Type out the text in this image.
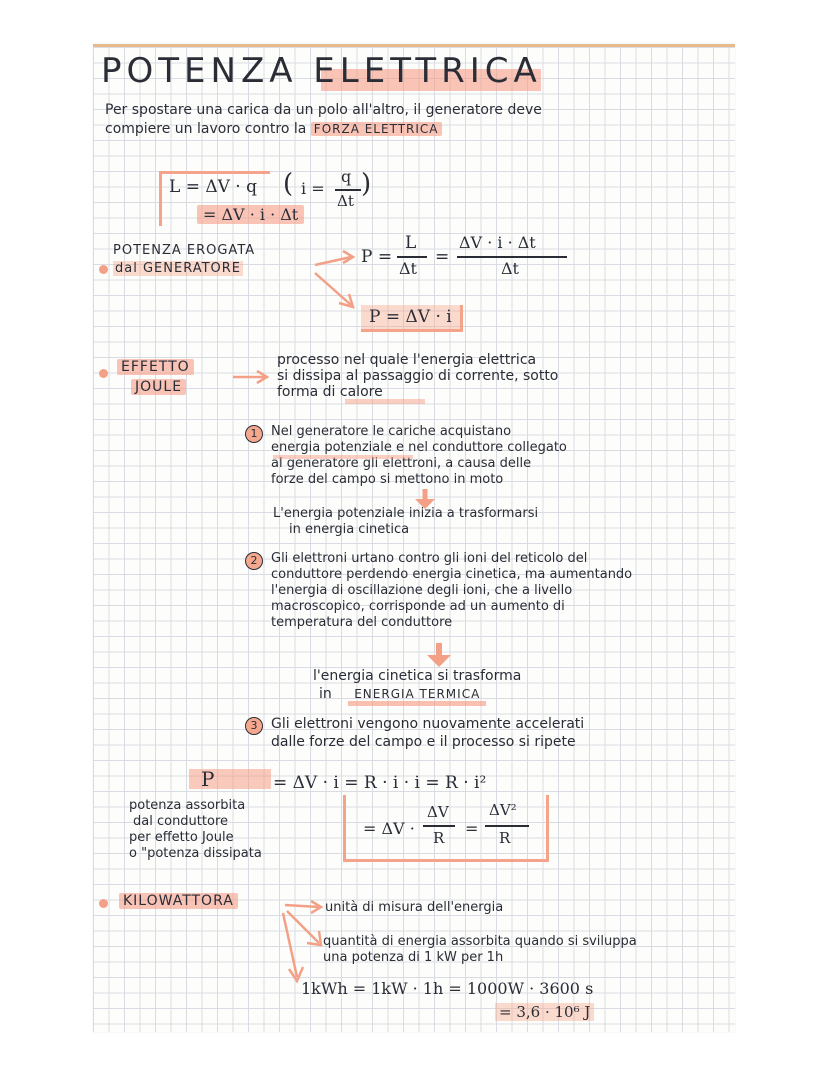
POTENZA ELETTRICA
Per spostare una carica da un polo all'altro, il generatore deve
compiere un lavoro contro la FORZA ELETTRICA
L = ΔV · q
= ΔV · i · Δt
( i =
q
Δt
)
POTENZA EROGATA
dal GENERATORE
P =
L
Δt
=
ΔV · i · Δt
Δt
P = ΔV · i
EFFETTO
JOULE
processo nel quale l'energia elettrica
si dissipa al passaggio di corrente, sotto
forma di calore
1	Nel generatore le cariche acquistano
energia potenziale e nel conduttore collegato
al generatore gli elettroni, a causa delle
forze del campo si mettono in moto
L'energia potenziale inizia a trasformarsi
in energia cinetica
2	Gli elettroni urtano contro gli ioni del reticolo del
conduttore perdendo energia cinetica, ma aumentando
l'energia di oscillazione degli ioni, che a livello
macroscopico, corrisponde ad un aumento di
temperatura del conduttore
l'energia cinetica si trasforma
in ENERGIA TERMICA
3 Gli elettroni vengono nuovamente accelerati
dalle forze del campo e il processo si ripete
P	= ΔV · i = R · i · i = R · i²
= ΔV ·
ΔV
R =
ΔV²
R
potenza assorbita
dal conduttore
per effetto Joule
o "potenza dissipata
KILOWATTORA	unità di misura dell'energia
quantità di energia assorbita quando si sviluppa
una potenza di 1 kW per 1h
1kWh = 1kW · 1h = 1000W · 3600 s
= 3,6 · 10⁶ J
